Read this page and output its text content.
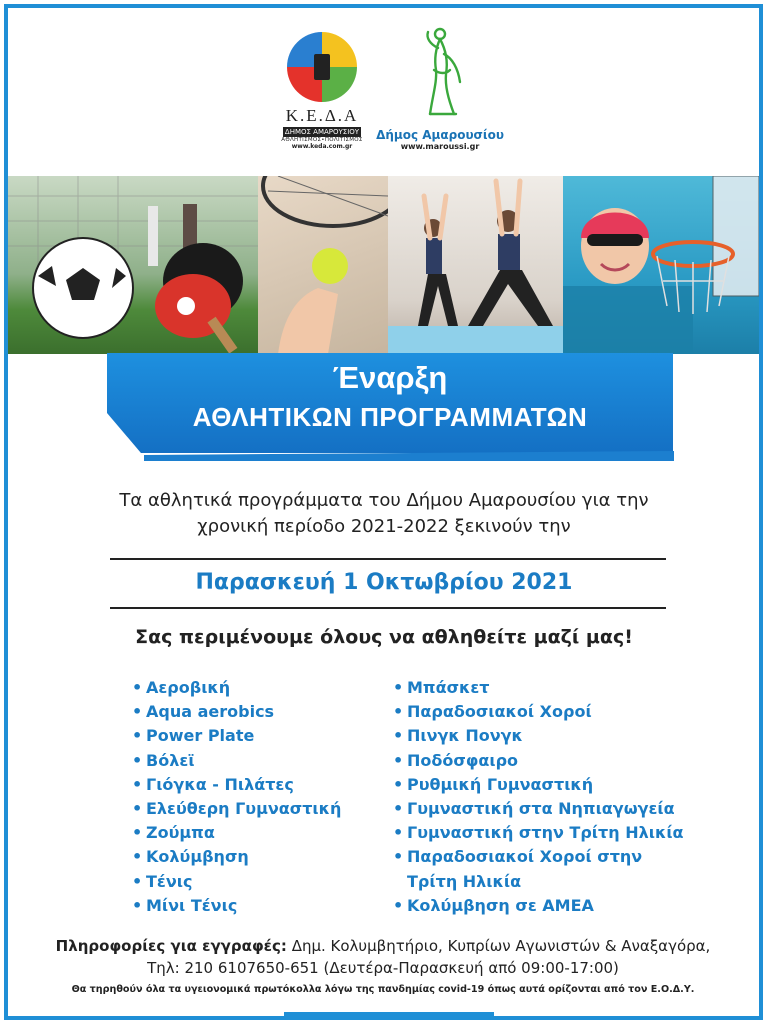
Κ.Ε.Δ.Α
ΔΗΜΟΣ ΑΜΑΡΟΥΣΙΟΥ
ΑΘΛΗΤΙΣΜΟΣ•ΠΟΛΙΤΙΣΜΟΣ
www.keda.com.gr
Δήμος Αμαρουσίου
www.maroussi.gr
Έναρξη
ΑΘΛΗΤΙΚΩΝ ΠΡΟΓΡΑΜΜΑΤΩΝ
Τα αθλητικά προγράμματα του Δήμου Αμαρουσίου για την
χρονική περίοδο 2021-2022 ξεκινούν την
Παρασκευή 1 Οκτωβρίου 2021
Σας περιμένουμε όλους να αθληθείτε μαζί μας!
• Αεροβική
• Aqua aerobics
• Power Plate
• Βόλεϊ
• Γιόγκα - Πιλάτες
• Ελεύθερη Γυμναστική
• Ζούμπα
• Κολύμβηση
• Τένις
• Μίνι Τένις
• Μπάσκετ
• Παραδοσιακοί Χοροί
• Πινγκ Πονγκ
• Ποδόσφαιρο
• Ρυθμική Γυμναστική
• Γυμναστική στα Νηπιαγωγεία
• Γυμναστική στην Τρίτη Ηλικία
• Παραδοσιακοί Χοροί στην
Τρίτη Ηλικία
• Κολύμβηση σε ΑΜΕΑ
Πληροφορίες για εγγραφές: Δημ. Κολυμβητήριο, Κυπρίων Αγωνιστών & Αναξαγόρα,
Τηλ: 210 6107650-651 (Δευτέρα-Παρασκευή από 09:00-17:00)
Θα τηρηθούν όλα τα υγειονομικά πρωτόκολλα λόγω της πανδημίας covid-19 όπως αυτά ορίζονται από τον Ε.Ο.Δ.Υ.
